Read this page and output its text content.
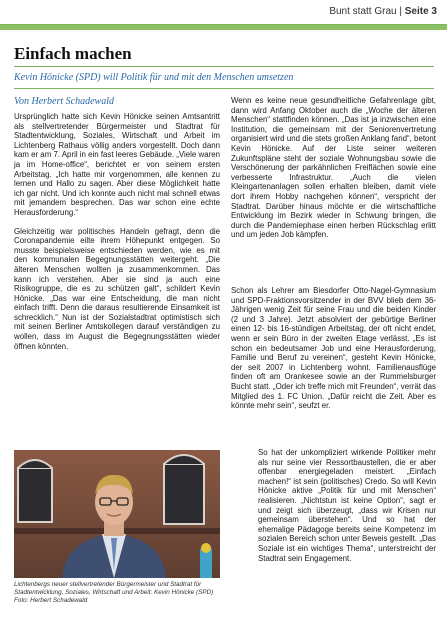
Bunt statt Grau | Seite 3
Einfach machen
Kevin Hönicke (SPD) will Politik für und mit den Menschen umsetzen
Von Herbert Schadewald

Ursprünglich hatte sich Kevin Hönicke seinen Amtsantritt als stellvertretender Bürgermeister und Stadtrat für Stadtentwicklung, Soziales, Wirtschaft und Arbeit im Lichtenberg Rathaus völlig anders vorgestellt. Doch dann kam er am 7. April in ein fast leeres Gebäude. „Viele waren ja im Home-office“, berichtet er von seinem ersten Arbeitstag. „Ich hatte mir vorgenommen, alle kennen zu lernen und Hallo zu sagen. Aber diese Möglichkeit hatte ich gar nicht. Und ich konnte auch nicht mal schnell etwas mit jemandem besprechen. Das war schon eine echte Herausforderung.“

Gleichzeitig war politisches Handeln gefragt, denn die Coronapandemie eilte ihrem Höhepunkt entgegen. So musste beispielsweise entschieden werden, wie es mit den kommunalen Begegnungsstätten weitergeht. „Die älteren Menschen wollten ja zusammenkommen. Das kann ich verstehen. Aber sie sind ja auch eine Risikogruppe, die es zu schützen galt“, schildert Kevin Hönicke. „Das war eine Entscheidung, die man nicht einfach trifft. Denn die daraus resultierende Einsamkeit ist schrecklich.“ Nun ist der Sozialstadtrat optimistisch sich mit seinen Berliner Amtskollegen darauf verständigen zu wollen, dass im August die Begegnungsstätten wieder öffnen könnten.

Wenn es keine neue gesundheitliche Gefahrenlage gibt, dann wird Anfang Oktober auch die „Woche der älteren Menschen“ stattfinden können. „Das ist ja inzwischen eine Institution, die gemeinsam mit der Seniorenvertretung organisiert wird und die stets großen Anklang fand“, betont Kevin Hönicke. Auf der Liste seiner weiteren Zukunftspläne steht der soziale Wohnungsbau sowie die Verschönerung der parkähnlichen Freiflächen sowie eine verbesserte Infrastruktur. „Auch die vielen Kleingartenanlagen sollen erhalten bleiben, damit viele dort ihrem Hobby nachgehen können“, verspricht der Stadtrat. Darüber hinaus möchte er die wirtschaftliche Entwicklung im Bezirk wieder in Schwung bringen, die durch die Pandemiephase einen herben Rückschlag erlitt und um jeden Job kämpfen.

Schon als Lehrer am Biesdorfer Otto-Nagel-Gymnasium und SPD-Fraktionsvorsitzender in der BVV blieb dem 36-Jährigen wenig Zeit für seine Frau und die beiden Kinder (2 und 3 Jahre). Jetzt absolviert der gebürtige Berliner einen 12- bis 16-stündigen Arbeitstag, der oft nicht endet, wenn er sein Büro in der zweiten Etage verlässt. „Es ist schon ein bedeutsamer Job und eine Herausforderung, Familie und Beruf zu vereinen“, gesteht Kevin Hönicke, der seit 2007 in Lichtenberg wohnt. Familienausflüge finden oft am Orankesee sowie an der Rummelsburger Bucht statt. „Oder ich treffe mich mit Freunden“, verrät das Mitglied des 1. FC Union. „Dafür reicht die Zeit. Aber es könnte mehr sein“, seufzt er.

So hat der unkompliziert wirkende Politiker mehr als nur seine vier Ressortbaustellen, die er aber offenbar energiegeladen meistert. „Einfach machen!“ ist sein (politisches) Credo. So will Kevin Hönicke aktive „Politik für und mit Menschen“ realisieren. „Nichtstun ist keine Option“, sagt er und zeigt sich überzeugt, „dass wir Krisen nur gemeinsam überstehen“. Und so hat der ehemalige Pädagoge bereits seine Kompetenz im sozialen Bereich schon unter Beweis gestellt. „Das Soziale ist ein wichtiges Thema“, unterstreicht der Stadtrat sein Engagement.

Lichtenbergs neuer stellvertretender Bürgermeister und Stadtrat für Stadtentwicklung, Soziales, Wirtschaft und Arbeit: Kevin Hönicke (SPD)
Foto: Herbert Schadewald
